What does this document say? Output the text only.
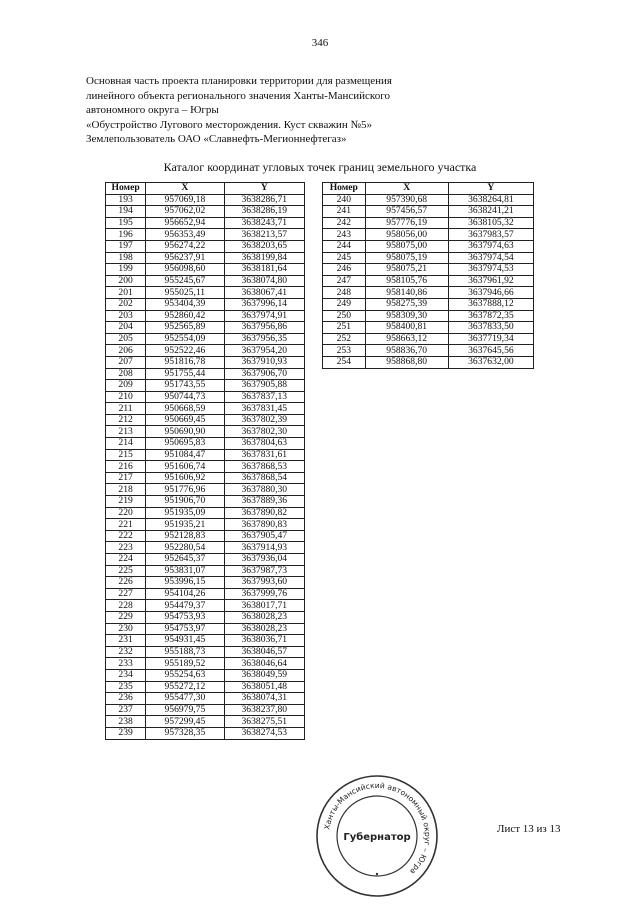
346
Основная часть проекта планировки территории для размещения
линейного объекта регионального значения Ханты-Мансийского
автономного округа – Югры
«Обустройство Лугового месторождения. Куст скважин №5»
Землепользователь ОАО «Славнефть-Мегионнефтегаз»
Каталог координат угловых точек границ земельного участка
Номер	X	Y
193	957069,18	3638286,71
194	957062,02	3638286,19
195	956652,94	3638243,71
196	956353,49	3638213,57
197	956274,22	3638203,65
198	956237,91	3638199,84
199	956098,60	3638181,64
200	955245,67	3638074,80
201	955025,11	3638067,41
202	953404,39	3637996,14
203	952860,42	3637974,91
204	952565,89	3637956,86
205	952554,09	3637956,35
206	952522,46	3637954,20
207	951816,78	3637910,93
208	951755,44	3637906,70
209	951743,55	3637905,88
210	950744,73	3637837,13
211	950668,59	3637831,45
212	950669,45	3637802,39
213	950690,90	3637802,30
214	950695,83	3637804,63
215	951084,47	3637831,61
216	951606,74	3637868,53
217	951606,92	3637868,54
218	951776,96	3637880,30
219	951906,70	3637889,36
220	951935,09	3637890,82
221	951935,21	3637890,83
222	952128,83	3637905,47
223	952280,54	3637914,93
224	952645,37	3637936,04
225	953831,07	3637987,73
226	953996,15	3637993,60
227	954104,26	3637999,76
228	954479,37	3638017,71
229	954753,93	3638028,23
230	954753,97	3638028,23
231	954931,45	3638036,71
232	955188,73	3638046,57
233	955189,52	3638046,64
234	955254,63	3638049,59
235	955272,12	3638051,48
236	955477,30	3638074,31
237	956979,75	3638237,80
238	957299,45	3638275,51
239	957328,35	3638274,53
Номер	X	Y
240	957390,68	3638264,81
241	957456,57	3638241,21
242	957776,19	3638105,32
243	958056,00	3637983,57
244	958075,00	3637974,63
245	958075,19	3637974,54
246	958075,21	3637974,53
247	958105,76	3637961,92
248	958140,86	3637946,66
249	958275,39	3637888,12
250	958309,30	3637872,35
251	958400,81	3637833,50
252	958663,12	3637719,34
253	958836,70	3637645,56
254	958868,80	3637632,00
Лист 13 из 13
Ханты-Мансийский автономный округ – Югра
Губернатор
